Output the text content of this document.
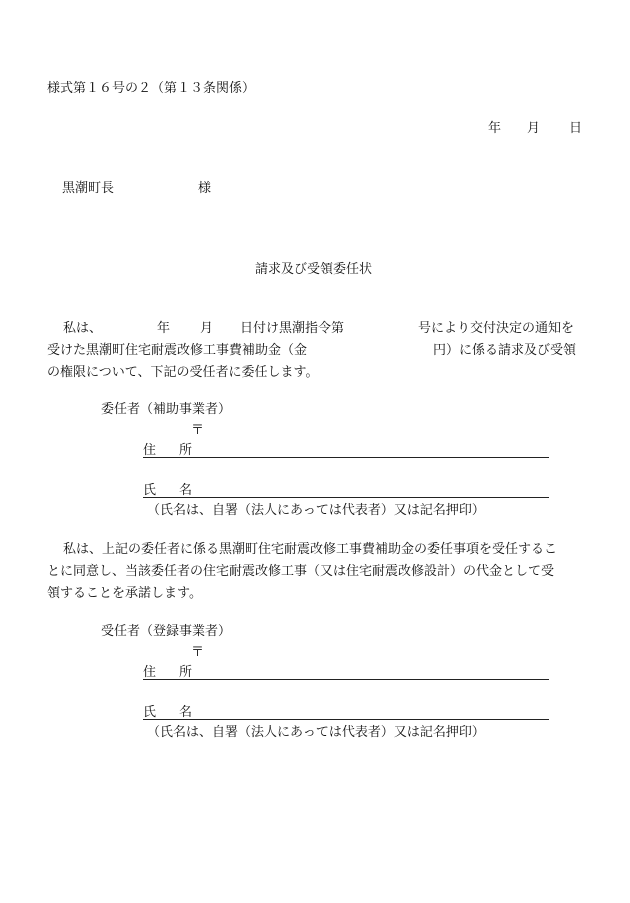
様式第１６号の２（第１３条関係）
年 月 日
黒潮町長	様
請求及び受領委任状
私は、	年 月 日付け黒潮指令第	号により交付決定の通知を
受けた黒潮町住宅耐震改修工事費補助金（金	円）に係る請求及び受領
の権限について、下記の受任者に委任します。
委任者（補助事業者）
〒
住 所
氏 名
（氏名は、自署（法人にあっては代表者）又は記名押印）
私は、上記の委任者に係る黒潮町住宅耐震改修工事費補助金の委任事項を受任するこ
とに同意し、当該委任者の住宅耐震改修工事（又は住宅耐震改修設計）の代金として受
領することを承諾します。
受任者（登録事業者）
〒
住 所
氏 名
（氏名は、自署（法人にあっては代表者）又は記名押印）
